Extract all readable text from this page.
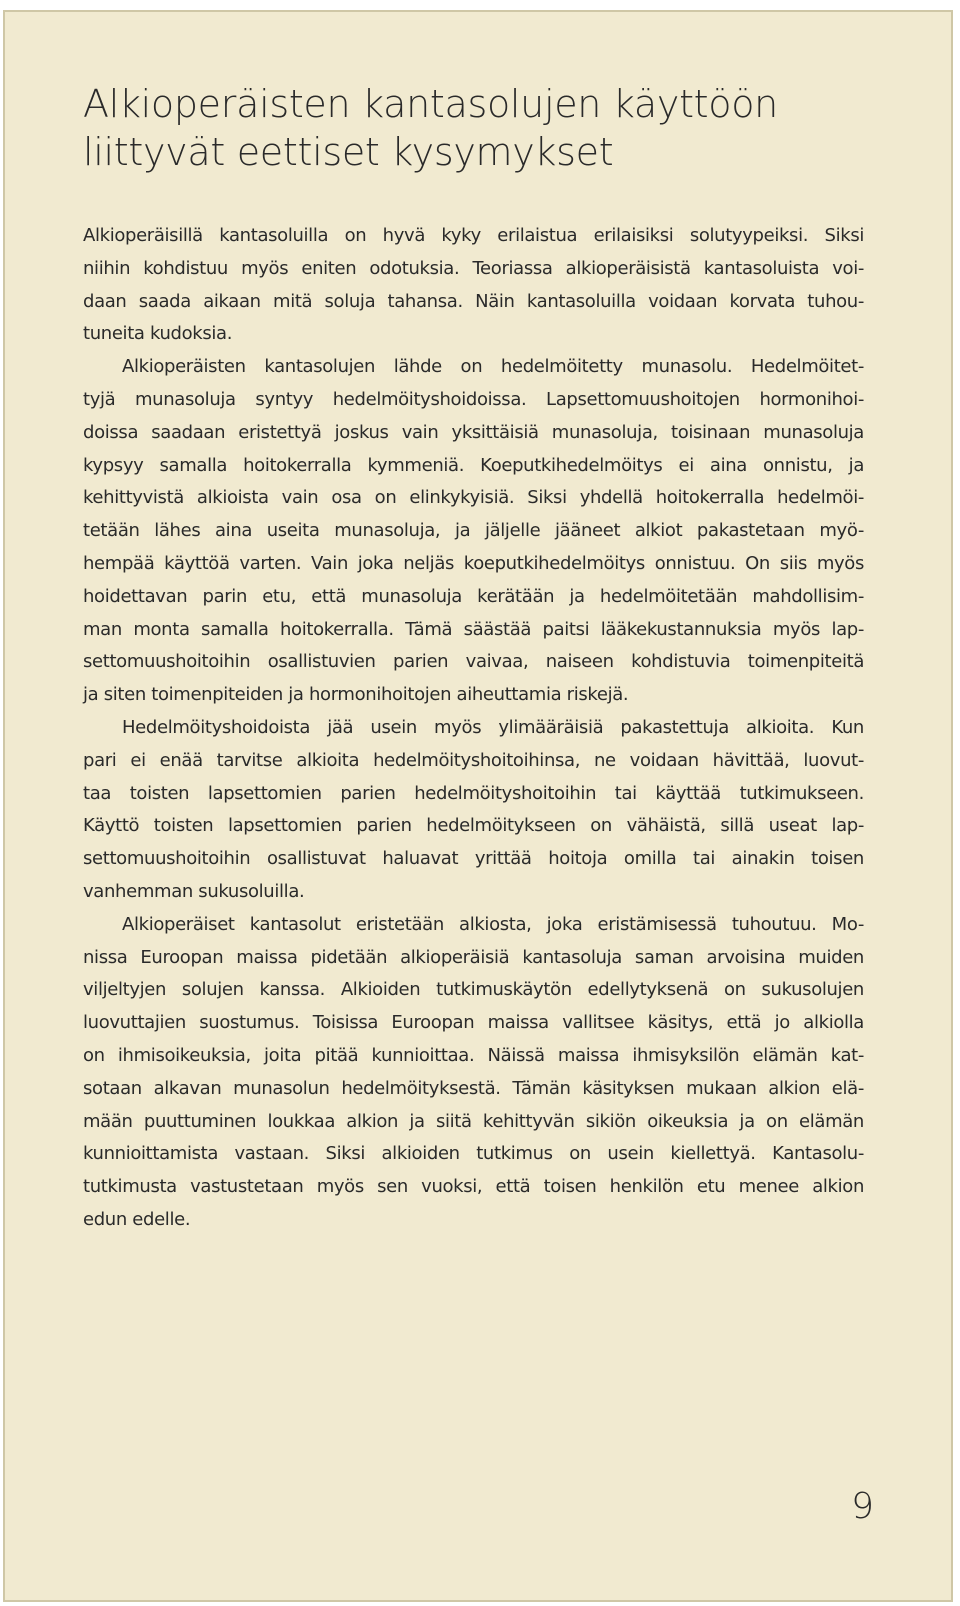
Alkioperäisten kantasolujen käyttöön
liittyvät eettiset kysymykset

Alkioperäisillä kantasoluilla on hyvä kyky erilaistua erilaisiksi solutyypeiksi. Siksi
niihin kohdistuu myös eniten odotuksia. Teoriassa alkioperäisistä kantasoluista voi-
daan saada aikaan mitä soluja tahansa. Näin kantasoluilla voidaan korvata tuhou-
tuneita kudoksia.

Alkioperäisten kantasolujen lähde on hedelmöitetty munasolu. Hedelmöitet-
tyjä munasoluja syntyy hedelmöityshoidoissa. Lapsettomuushoitojen hormonihoi-
doissa saadaan eristettyä joskus vain yksittäisiä munasoluja, toisinaan munasoluja
kypsyy samalla hoitokerralla kymmeniä. Koeputkihedelmöitys ei aina onnistu, ja
kehittyvistä alkioista vain osa on elinkykyisiä. Siksi yhdellä hoitokerralla hedelmöi-
tetään lähes aina useita munasoluja, ja jäljelle jääneet alkiot pakastetaan myö-
hempää käyttöä varten. Vain joka neljäs koeputkihedelmöitys onnistuu. On siis myös
hoidettavan parin etu, että munasoluja kerätään ja hedelmöitetään mahdollisim-
man monta samalla hoitokerralla. Tämä säästää paitsi lääkekustannuksia myös lap-
settomuushoitoihin osallistuvien parien vaivaa, naiseen kohdistuvia toimenpiteitä
ja siten toimenpiteiden ja hormonihoitojen aiheuttamia riskejä.

Hedelmöityshoidoista jää usein myös ylimääräisiä pakastettuja alkioita. Kun
pari ei enää tarvitse alkioita hedelmöityshoitoihinsa, ne voidaan hävittää, luovut-
taa toisten lapsettomien parien hedelmöityshoitoihin tai käyttää tutkimukseen.
Käyttö toisten lapsettomien parien hedelmöitykseen on vähäistä, sillä useat lap-
settomuushoitoihin osallistuvat haluavat yrittää hoitoja omilla tai ainakin toisen
vanhemman sukusoluilla.

Alkioperäiset kantasolut eristetään alkiosta, joka eristämisessä tuhoutuu. Mo-
nissa Euroopan maissa pidetään alkioperäisiä kantasoluja saman arvoisina muiden
viljeltyjen solujen kanssa. Alkioiden tutkimuskäytön edellytyksenä on sukusolujen
luovuttajien suostumus. Toisissa Euroopan maissa vallitsee käsitys, että jo alkiolla
on ihmisoikeuksia, joita pitää kunnioittaa. Näissä maissa ihmisyksilön elämän kat-
sotaan alkavan munasolun hedelmöityksestä. Tämän käsityksen mukaan alkion elä-
mään puuttuminen loukkaa alkion ja siitä kehittyvän sikiön oikeuksia ja on elämän
kunnioittamista vastaan. Siksi alkioiden tutkimus on usein kiellettyä. Kantasolu-
tutkimusta vastustetaan myös sen vuoksi, että toisen henkilön etu menee alkion
edun edelle.

9
